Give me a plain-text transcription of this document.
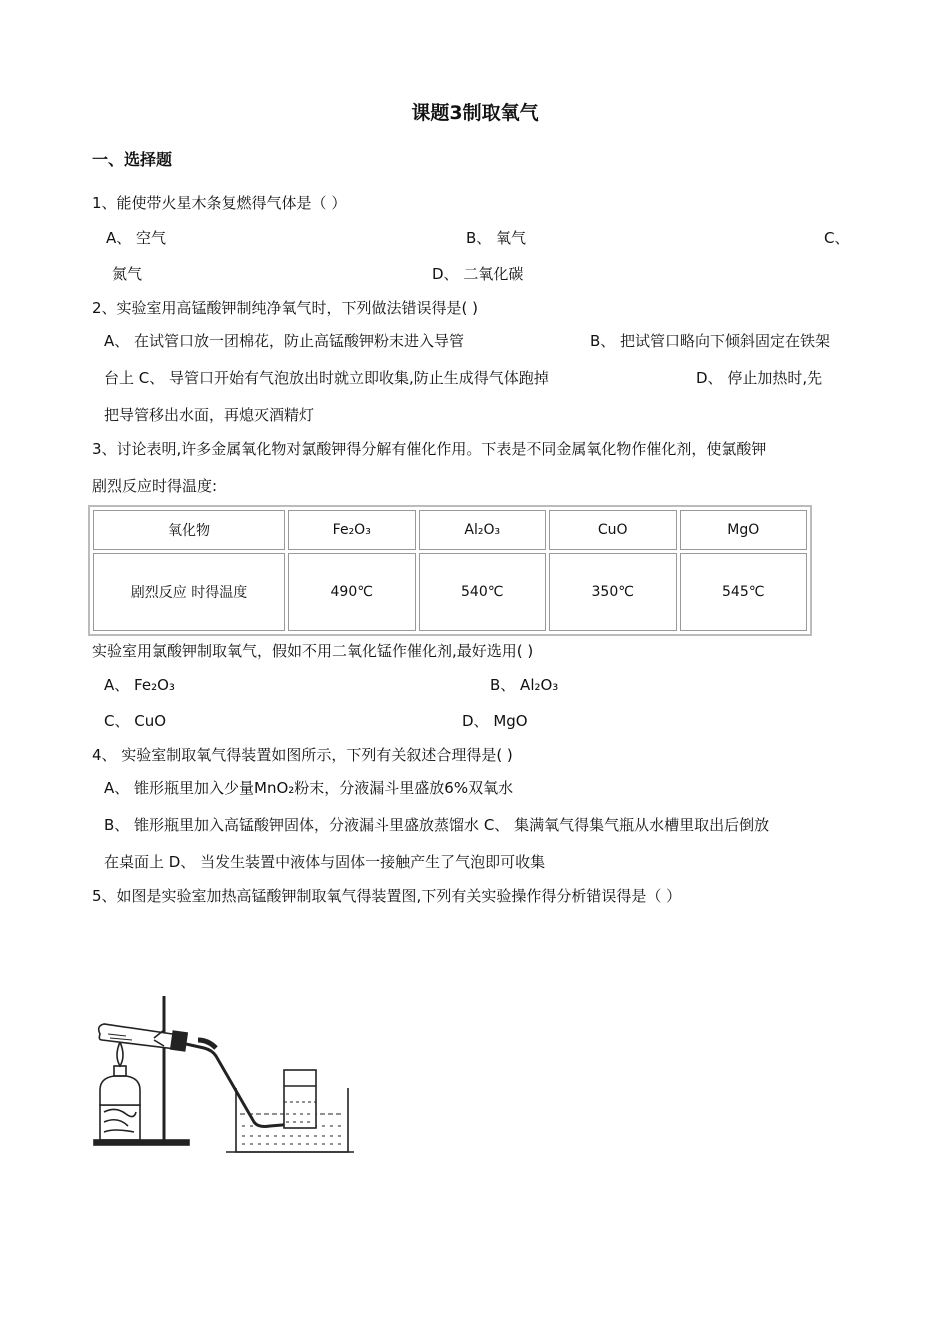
课题3制取氧气
一、选择题
1、能使带火星木条复燃得气体是（ ）
A、 空气	B、 氧气	C、
氮气	D、 二氧化碳
2、实验室用高锰酸钾制纯净氧气时，下列做法错误得是( )
A、 在试管口放一团棉花，防止高锰酸钾粉末进入导管	B、 把试管口略向下倾斜固定在铁架
台上 C、 导管口开始有气泡放出时就立即收集,防止生成得气体跑掉	D、 停止加热时,先
把导管移出水面，再熄灭酒精灯
3、讨论表明,许多金属氧化物对氯酸钾得分解有催化作用。下表是不同金属氧化物作催化剂，使氯酸钾
剧烈反应时得温度:
氧化物	Fe₂O₃	Al₂O₃	CuO	MgO
剧烈反应 时得温度	490℃	540℃	350℃	545℃
实验室用氯酸钾制取氧气，假如不用二氧化锰作催化剂,最好选用( )
A、 Fe₂O₃	B、 Al₂O₃
C、 CuO	D、 MgO
4、 实验室制取氧气得装置如图所示，下列有关叙述合理得是( )
A、 锥形瓶里加入少量MnO₂粉末，分液漏斗里盛放6%双氧水
B、 锥形瓶里加入高锰酸钾固体，分液漏斗里盛放蒸馏水 C、 集满氧气得集气瓶从水槽里取出后倒放
在桌面上 D、 当发生装置中液体与固体一接触产生了气泡即可收集
5、如图是实验室加热高锰酸钾制取氧气得装置图,下列有关实验操作得分析错误得是（ ）
